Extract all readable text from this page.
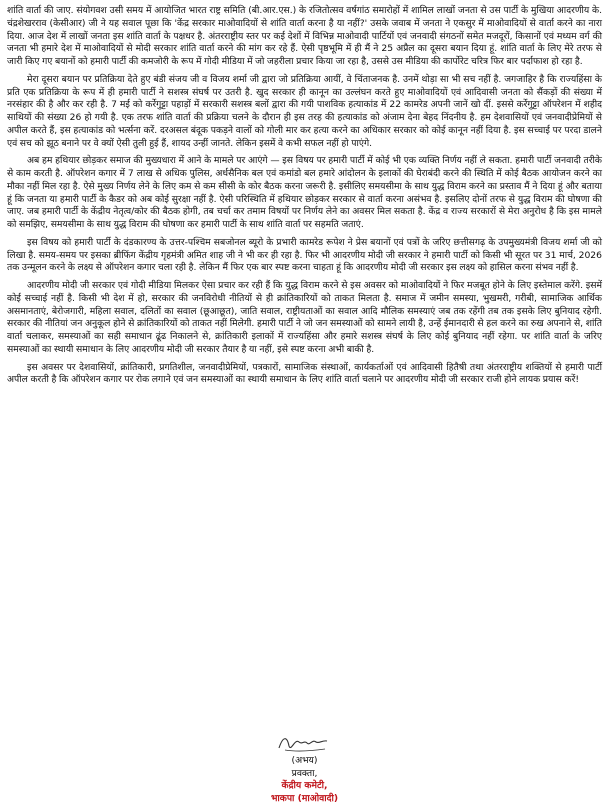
शांति वार्ता की जाए. संयोगवश उसी समय में आयोजित भारत राष्ट्र समिति (बी.आर.एस.) के रजितोत्सव वर्षगांठ समारोहों में शामिल लाखों जनता से उस पार्टी के मुखिया आदरणीय के. चंद्रशेखरराव (केसीआर) जी ने यह सवाल पूछा कि 'केंद्र सरकार माओवादियों से शांति वार्ता करना है या नहीं?' उसके जवाब में जनता ने एकसुर में माओवादियों से वार्ता करने का नारा दिया. आज देश में लाखों जनता इस शांति वार्ता के पक्षधर है. अंतरराष्ट्रीय स्तर पर कई देशों में विभिन्न माओवादी पार्टियों एवं जनवादी संगठनों समेत मजदूरों, किसानों एवं मध्यम वर्ग की जनता भी हमारे देश में माओवादियों से मोदी सरकार शांति वार्ता करने की मांग कर रहे हैं. ऐसी पृष्ठभूमि में ही मैं ने 25 अप्रैल का दूसरा बयान दिया हूं. शांति वार्ता के लिए मेरे तरफ से जारी किए गए बयानों को हमारी पार्टी की कमजोरी के रूप में गोदी मीडिया में जो जहरीला प्रचार किया जा रहा है, उससे उस मीडिया की कार्पोरेट चरित्र फिर बार पर्दाफाश हो रहा है.

मेरा दूसरा बयान पर प्रतिक्रिया देते हुए बंडी संजय जी व विजय शर्मा जी द्वारा जो प्रतिक्रिया आयीं, वे चिंताजनक है. उनमें थोड़ा सा भी सच नहीं है. जगजाहिर है कि राज्यहिंसा के प्रति एक प्रतिक्रिया के रूप में ही हमारी पार्टी ने सशस्त्र संघर्ष पर उतरी है. खुद सरकार ही कानून का उल्लंघन करते हुए माओवादियों एवं आदिवासी जनता को सैंकड़ों की संख्या में नरसंहार की है और कर रही है. 7 मई को कर्रेगुट्टा पहाड़ों में सरकारी सशस्त्र बलों द्वारा की गयी पाशविक हत्याकांड में 22 कामरेड अपनी जानें खो दीं. इससे कर्रेगुट्टा ऑपरेशन में शहीद साथियों की संख्या 26 हो गयी है. एक तरफ शांति वार्ता की प्रक्रिया चलने के दौरान ही इस तरह की हत्याकांड को अंजाम देना बेहद निंदनीय है. हम देशवासियों एवं जनवादीप्रेमियों से अपील करते हैं, इस हत्याकांड को भर्त्सना करें. दरअसल बंदूक पकड़ने वालों को गोली मार कर हत्या करने का अधिकार सरकार को कोई कानून नहीं दिया है. इस सच्चाई पर परदा डालने एवं सच को झूठ बनाने पर वे क्यों ऐसी तुली हुई हैं, शायद उन्हीं जानते. लेकिन इसमें वे कभी सफल नहीं हो पाएंगे.

अब हम हथियार छोड़कर समाज की मुख्यधारा में आने के मामले पर आएंगे — इस विषय पर हमारी पार्टी में कोई भी एक व्यक्ति निर्णय नहीं ले सकता. हमारी पार्टी जनवादी तरीके से काम करती है. ऑपरेशन कगार में 7 लाख से अधिक पुलिस, अर्धसैनिक बल एवं कमांडो बल हमारे आंदोलन के इलाकों की घेराबंदी करने की स्थिति में कोई बैठक आयोजन करने का मौका नहीं मिल रहा है. ऐसे मुख्य निर्णय लेने के लिए कम से कम सीसी के कोर बैठक करना जरूरी है. इसीलिए समयसीमा के साथ युद्ध विराम करने का प्रस्ताव मैं ने दिया हूं और बताया हूं कि जनता या हमारी पार्टी के कैडर को अब कोई सुरक्षा नहीं है. ऐसी परिस्थिति में हथियार छोड़कर सरकार से वार्ता करना असंभव है. इसलिए दोनों तरफ से युद्ध विराम की घोषणा की जाए. जब हमारी पार्टी के केंद्रीय नेतृत्व/कोर की बैठक होगी, तब चर्चा कर तमाम विषयों पर निर्णय लेने का अवसर मिल सकता है. केंद्र व राज्य सरकारों से मेरा अनुरोध है कि इस मामले को समझिए, समयसीमा के साथ युद्ध विराम की घोषणा कर हमारी पार्टी के साथ शांति वार्ता पर सहमति जताएं.

इस विषय को हमारी पार्टी के दंडकारण्य के उत्तर-पश्चिम सबजोनल ब्यूरो के प्रभारी कामरेड रूपेश ने प्रेस बयानों एवं पत्रों के जरिए छत्तीसगढ़ के उपमुख्यमंत्री विजय शर्मा जी को लिखा है. समय-समय पर इसका ब्रीफिंग केंद्रीय गृहमंत्री अमित शाह जी ने भी कर ही रहा है. फिर भी आदरणीय मोदी जी सरकार ने हमारी पार्टी को किसी भी सूरत पर 31 मार्च, 2026 तक उन्मूलन करने के लक्ष्य से ऑपरेशन कगार चला रही है. लेकिन मैं फिर एक बार स्पष्ट करना चाहता हूं कि आदरणीय मोदी जी सरकार इस लक्ष्य को हासिल करना संभव नहीं है.

आदरणीय मोदी जी सरकार एवं गोदी मीडिया मिलकर ऐसा प्रचार कर रही हैं कि युद्ध विराम करने से इस अवसर को माओवादियों ने फिर मजबूत होने के लिए इस्तेमाल करेंगे. इसमें कोई सच्चाई नहीं है. किसी भी देश में हो, सरकार की जनविरोधी नीतियों से ही क्रांतिकारियों को ताकत मिलता है. समाज में जमीन समस्या, भुखमरी, गरीबी, सामाजिक आर्थिक असमानताएं, बेरोजगारी, महिला सवाल, दलितों का सवाल (छूआछूत), जाति सवाल, राष्ट्रीयताओं का सवाल आदि मौलिक समस्याएं जब तक रहेंगी तब तक इसके लिए बुनियाद रहेगी. सरकार की नीतियां जन अनुकूल होने से क्रांतिकारियों को ताकत नहीं मिलेगी. हमारी पार्टी ने जो जन समस्याओं को सामने लायी है, उन्हें ईमानदारी से हल करने का रुख अपनाने से, शांति वार्ता चलाकर, समस्याओं का सही समाधान ढूंढ निकालने से, क्रांतिकारी इलाकों में राज्यहिंसा और हमारे सशस्त्र संघर्ष के लिए कोई बुनियाद नहीं रहेगा. पर शांति वार्ता के जरिए समस्याओं का स्थायी समाधान के लिए आदरणीय मोदी जी सरकार तैयार है या नहीं, इसे स्पष्ट करना अभी बाकी है.

इस अवसर पर देशवासियों, क्रांतिकारी, प्रगतिशील, जनवादीप्रेमियों, पत्रकारों, सामाजिक संस्थाओं, कार्यकर्ताओं एवं आदिवासी हितैषी तथा अंतरराष्ट्रीय शक्तियों से हमारी पार्टी अपील करती है कि ऑपरेशन कगार पर रोक लगाने एवं जन समस्याओं का स्थायी समाधान के लिए शांति वार्ता चलाने पर आदरणीय मोदी जी सरकार राजी होने लायक प्रयास करें!

(अभय)
प्रवक्ता,
केंद्रीय कमेटी,
भाकपा (माओवादी)
